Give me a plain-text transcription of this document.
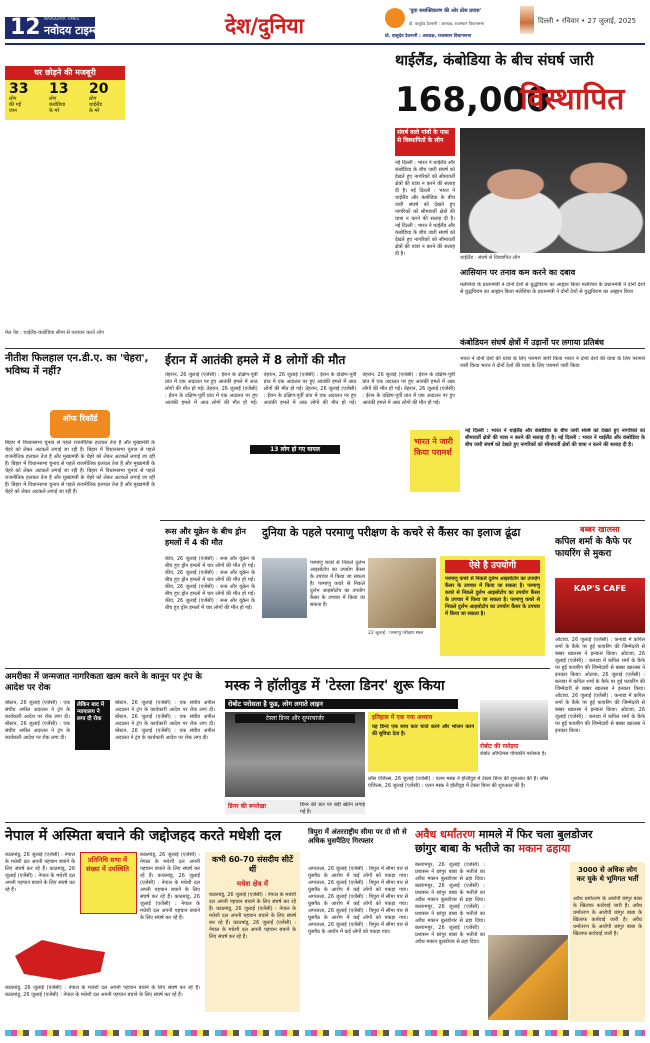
12 NAVODAYA TIMES
नवोदय टाइम्स	देश/दुनिया
'युवा सशक्तिकरण की ओर ठोस प्रयास'
प्रो. वाशुदेव देवनानी : आध्यक्ष, राजस्थान विधानसभा
प्रो. वासुदेव देवनानी : आध्यक्ष, राजस्थान विधानसभा
दिल्ली • रविवार • 27 जुलाई, 2025
थाईलैंड, कंबोडिया के बीच संघर्ष जारी
168,000
विस्थापित
घर छोड़ने की मजबूरी
33
लोग
की गई
जान
13
लोग
कंबोडिया
के मरे
20
लोग
थाईलैंड
के मरे
मेल पेड : थाईलैंड-कंबोडिया सीमा से पलायन करते लोग
संघर्ष वाले गांवों के पास से विस्थापितों के लोग
नई दिल्ली : भारत ने थाईलैंड और कंबोडिया के बीच जारी संघर्ष को देखते हुए नागरिकों को सीमावर्ती क्षेत्रों की यात्रा न करने की सलाह दी है। नई दिल्ली : भारत ने थाईलैंड और कंबोडिया के बीच जारी संघर्ष को देखते हुए नागरिकों को सीमावर्ती क्षेत्रों की यात्रा न करने की सलाह दी है। नई दिल्ली : भारत ने थाईलैंड और कंबोडिया के बीच जारी संघर्ष को देखते हुए नागरिकों को सीमावर्ती क्षेत्रों की यात्रा न करने की सलाह दी है।
थाईलैंड : संघर्ष से विस्थापित लोग
आसियान पर तनाव कम करने का दबाव
मलेशिया के प्रधानमंत्री ने दोनों देशों से युद्धविराम का आह्वान किया मलेशिया के प्रधानमंत्री ने दोनों देशों से युद्धविराम का आह्वान किया मलेशिया के प्रधानमंत्री ने दोनों देशों से युद्धविराम का आह्वान किया
कंबोडियन संघर्ष क्षेत्रों में उड़ानों पर लगाया प्रतिबंध
भारत ने दोनों देशों की यात्रा के लिए परामर्श जारी किया भारत ने दोनों देशों की यात्रा के लिए परामर्श जारी किया भारत ने दोनों देशों की यात्रा के लिए परामर्श जारी किया
भारत ने जारी किया परामर्श
नई दिल्ली : भारत ने थाईलैंड और कंबोडिया के बीच जारी संघर्ष को देखते हुए नागरिकों को सीमावर्ती क्षेत्रों की यात्रा न करने की सलाह दी है। नई दिल्ली : भारत ने थाईलैंड और कंबोडिया के बीच जारी संघर्ष को देखते हुए नागरिकों को सीमावर्ती क्षेत्रों की यात्रा न करने की सलाह दी है।
नीतीश फिलहाल एन.डी.ए. का 'चेहरा', भविष्य में नहीं?
ऑफ रिकॉर्ड
बिहार में विधानसभा चुनाव से पहले राजनीतिक हलचल तेज है और मुख्यमंत्री के चेहरे को लेकर अटकलें लगाई जा रही हैं। बिहार में विधानसभा चुनाव से पहले राजनीतिक हलचल तेज है और मुख्यमंत्री के चेहरे को लेकर अटकलें लगाई जा रही हैं। बिहार में विधानसभा चुनाव से पहले राजनीतिक हलचल तेज है और मुख्यमंत्री के चेहरे को लेकर अटकलें लगाई जा रही हैं। बिहार में विधानसभा चुनाव से पहले राजनीतिक हलचल तेज है और मुख्यमंत्री के चेहरे को लेकर अटकलें लगाई जा रही हैं। बिहार में विधानसभा चुनाव से पहले राजनीतिक हलचल तेज है और मुख्यमंत्री के चेहरे को लेकर अटकलें लगाई जा रही हैं।
ईरान में आतंकी हमले में 8 लोगों की मौत
13 लोग हो गए घायल
तेहरान, 26 जुलाई (एजेंसी) : ईरान के दक्षिण-पूर्वी प्रांत में एक अदालत पर हुए आतंकी हमले में आठ लोगों की मौत हो गई। तेहरान, 26 जुलाई (एजेंसी) : ईरान के दक्षिण-पूर्वी प्रांत में एक अदालत पर हुए आतंकी हमले में आठ लोगों की मौत हो गई। तेहरान, 26 जुलाई (एजेंसी) : ईरान के दक्षिण-पूर्वी प्रांत में एक अदालत पर हुए आतंकी हमले में आठ लोगों की मौत हो गई। तेहरान, 26 जुलाई (एजेंसी) : ईरान के दक्षिण-पूर्वी प्रांत में एक अदालत पर हुए आतंकी हमले में आठ लोगों की मौत हो गई। तेहरान, 26 जुलाई (एजेंसी) : ईरान के दक्षिण-पूर्वी प्रांत में एक अदालत पर हुए आतंकी हमले में आठ लोगों की मौत हो गई। तेहरान, 26 जुलाई (एजेंसी) : ईरान के दक्षिण-पूर्वी प्रांत में एक अदालत पर हुए आतंकी हमले में आठ लोगों की मौत हो गई।
रूस और यूक्रेन के बीच ड्रोन हमलों में 4 की मौत
कीव, 26 जुलाई (एजेंसी) : रूस और यूक्रेन के बीच हुए ड्रोन हमलों में चार लोगों की मौत हो गई। कीव, 26 जुलाई (एजेंसी) : रूस और यूक्रेन के बीच हुए ड्रोन हमलों में चार लोगों की मौत हो गई। कीव, 26 जुलाई (एजेंसी) : रूस और यूक्रेन के बीच हुए ड्रोन हमलों में चार लोगों की मौत हो गई। कीव, 26 जुलाई (एजेंसी) : रूस और यूक्रेन के बीच हुए ड्रोन हमलों में चार लोगों की मौत हो गई।
दुनिया के पहले परमाणु परीक्षण के कचरे से कैंसर का इलाज ढूंढा
परमाणु कचरे से निकले दुर्लभ आइसोटोप का उपयोग कैंसर के उपचार में किया जा सकता है। परमाणु कचरे से निकले दुर्लभ आइसोटोप का उपयोग कैंसर के उपचार में किया जा सकता है।
22 जुलाई : परमाणु परीक्षण स्थल
ऐसे है उपयोगी
परमाणु कचरे से निकले दुर्लभ आइसोटोप का उपयोग कैंसर के उपचार में किया जा सकता है। परमाणु कचरे से निकले दुर्लभ आइसोटोप का उपयोग कैंसर के उपचार में किया जा सकता है। परमाणु कचरे से निकले दुर्लभ आइसोटोप का उपयोग कैंसर के उपचार में किया जा सकता है।
बब्बर खालसा
कपिल शर्मा के कैफे पर फायरिंग से मुकरा
KAP'S CAFE
ओटावा, 26 जुलाई (एजेंसी) : कनाडा में कपिल शर्मा के कैफे पर हुई फायरिंग की जिम्मेदारी से बब्बर खालसा ने इनकार किया। ओटावा, 26 जुलाई (एजेंसी) : कनाडा में कपिल शर्मा के कैफे पर हुई फायरिंग की जिम्मेदारी से बब्बर खालसा ने इनकार किया। ओटावा, 26 जुलाई (एजेंसी) : कनाडा में कपिल शर्मा के कैफे पर हुई फायरिंग की जिम्मेदारी से बब्बर खालसा ने इनकार किया। ओटावा, 26 जुलाई (एजेंसी) : कनाडा में कपिल शर्मा के कैफे पर हुई फायरिंग की जिम्मेदारी से बब्बर खालसा ने इनकार किया। ओटावा, 26 जुलाई (एजेंसी) : कनाडा में कपिल शर्मा के कैफे पर हुई फायरिंग की जिम्मेदारी से बब्बर खालसा ने इनकार किया।
अमरीका में जन्मजात नागरिकता खत्म करने के कानून पर ट्रंप के आदेश पर रोक
बोस्टन, 26 जुलाई (एजेंसी) : एक संघीय अपील अदालत ने ट्रंप के कार्यकारी आदेश पर रोक लगा दी। बोस्टन, 26 जुलाई (एजेंसी) : एक संघीय अपील अदालत ने ट्रंप के कार्यकारी आदेश पर रोक लगा दी।
लेकिन बाद में न्यायालय ने लगा दी रोक
बोस्टन, 26 जुलाई (एजेंसी) : एक संघीय अपील अदालत ने ट्रंप के कार्यकारी आदेश पर रोक लगा दी। बोस्टन, 26 जुलाई (एजेंसी) : एक संघीय अपील अदालत ने ट्रंप के कार्यकारी आदेश पर रोक लगा दी। बोस्टन, 26 जुलाई (एजेंसी) : एक संघीय अपील अदालत ने ट्रंप के कार्यकारी आदेश पर रोक लगा दी।
मस्क ने हॉलीवुड में 'टेस्ला डिनर' शुरू किया
रोबोट परोसता है फूड, लोग लगाते लाइन
टेस्ला डिनर और सुपरचार्जर	इतिहास में एक नया अध्याय
यह डिनर एक साथ कार चार्ज करने और भोजन करने की सुविधा देता है।
रोबोट की रसोइया
रोबोट ऑप्टिमस पॉपकॉर्न परोसता है।
डिनर की रूपरेखा	डिनर की छत पर बड़ी स्क्रीन लगाई गई है।
लॉस एंजिल्स, 26 जुलाई (एजेंसी) : एलन मस्क ने हॉलीवुड में टेस्ला डिनर की शुरुआत की है। लॉस एंजिल्स, 26 जुलाई (एजेंसी) : एलन मस्क ने हॉलीवुड में टेस्ला डिनर की शुरुआत की है।
नेपाल में अस्मिता बचाने की जद्दोजहद करते मधेशी दल
काठमांडू, 26 जुलाई (एजेंसी) : नेपाल के मधेशी दल अपनी पहचान बचाने के लिए संघर्ष कर रहे हैं। काठमांडू, 26 जुलाई (एजेंसी) : नेपाल के मधेशी दल अपनी पहचान बचाने के लिए संघर्ष कर रहे हैं।
प्रतिनिधि सभा में संख्या में उपस्थिति
काठमांडू, 26 जुलाई (एजेंसी) : नेपाल के मधेशी दल अपनी पहचान बचाने के लिए संघर्ष कर रहे हैं। काठमांडू, 26 जुलाई (एजेंसी) : नेपाल के मधेशी दल अपनी पहचान बचाने के लिए संघर्ष कर रहे हैं। काठमांडू, 26 जुलाई (एजेंसी) : नेपाल के मधेशी दल अपनी पहचान बचाने के लिए संघर्ष कर रहे हैं।
कभी 60-70 संसदीय सीटें थीं
मधेश क्षेत्र में
काठमांडू, 26 जुलाई (एजेंसी) : नेपाल के मधेशी दल अपनी पहचान बचाने के लिए संघर्ष कर रहे हैं। काठमांडू, 26 जुलाई (एजेंसी) : नेपाल के मधेशी दल अपनी पहचान बचाने के लिए संघर्ष कर रहे हैं। काठमांडू, 26 जुलाई (एजेंसी) : नेपाल के मधेशी दल अपनी पहचान बचाने के लिए संघर्ष कर रहे हैं।
काठमांडू, 26 जुलाई (एजेंसी) : नेपाल के मधेशी दल अपनी पहचान बचाने के लिए संघर्ष कर रहे हैं। काठमांडू, 26 जुलाई (एजेंसी) : नेपाल के मधेशी दल अपनी पहचान बचाने के लिए संघर्ष कर रहे हैं।
त्रिपुरा में अंतरराष्ट्रीय सीमा पर दो सौ से अधिक घुसपैठिए गिरफ्तार
अगरतला, 26 जुलाई (एजेंसी) : त्रिपुरा में सीमा पार से घुसपैठ के आरोप में कई लोगों को पकड़ा गया। अगरतला, 26 जुलाई (एजेंसी) : त्रिपुरा में सीमा पार से घुसपैठ के आरोप में कई लोगों को पकड़ा गया। अगरतला, 26 जुलाई (एजेंसी) : त्रिपुरा में सीमा पार से घुसपैठ के आरोप में कई लोगों को पकड़ा गया। अगरतला, 26 जुलाई (एजेंसी) : त्रिपुरा में सीमा पार से घुसपैठ के आरोप में कई लोगों को पकड़ा गया। अगरतला, 26 जुलाई (एजेंसी) : त्रिपुरा में सीमा पार से घुसपैठ के आरोप में कई लोगों को पकड़ा गया।
अवैध धर्मांतरण मामले में फिर चला बुलडोजर
छांगुर बाबा के भतीजे का मकान ढहाया
बलरामपुर, 26 जुलाई (एजेंसी) : प्रशासन ने छांगुर बाबा के भतीजे का अवैध मकान बुलडोजर से ढहा दिया। बलरामपुर, 26 जुलाई (एजेंसी) : प्रशासन ने छांगुर बाबा के भतीजे का अवैध मकान बुलडोजर से ढहा दिया। बलरामपुर, 26 जुलाई (एजेंसी) : प्रशासन ने छांगुर बाबा के भतीजे का अवैध मकान बुलडोजर से ढहा दिया। बलरामपुर, 26 जुलाई (एजेंसी) : प्रशासन ने छांगुर बाबा के भतीजे का अवैध मकान बुलडोजर से ढहा दिया।
3000 से अधिक लोग कर चुके थे भूमिगत भर्ती
अवैध धर्मांतरण के आरोपी छांगुर बाबा के खिलाफ कार्रवाई जारी है। अवैध धर्मांतरण के आरोपी छांगुर बाबा के खिलाफ कार्रवाई जारी है। अवैध धर्मांतरण के आरोपी छांगुर बाबा के खिलाफ कार्रवाई जारी है।
